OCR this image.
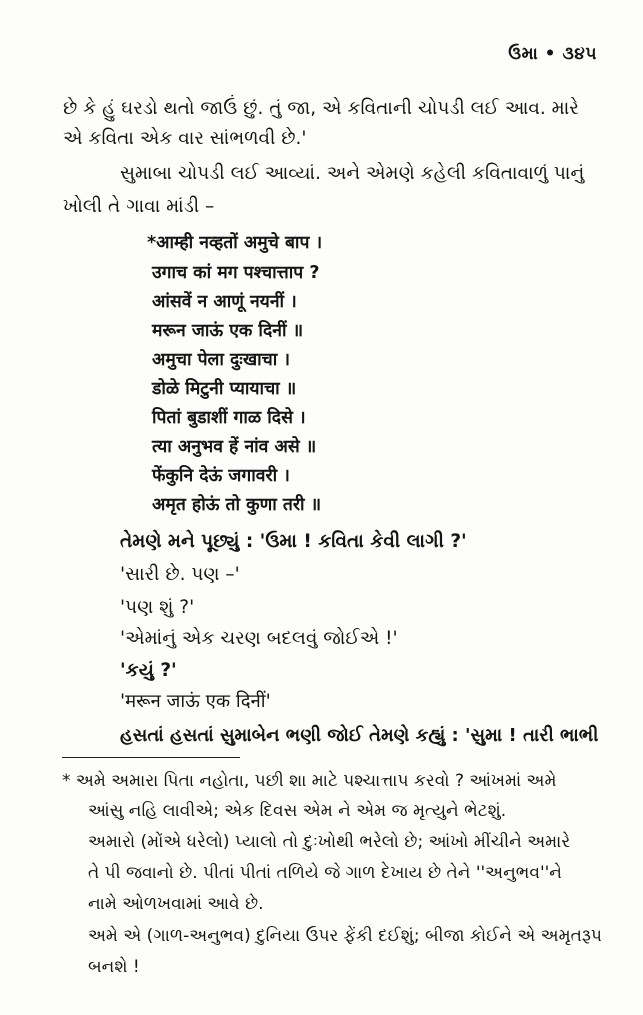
ઉમા • ૩૪૫
છે કે હું ઘરડો થતો જાઉં છું. તું જા, એ કવિતાની ચોપડી લઈ આવ. મારે
એ કવિતા એક વાર સાંભળવી છે.'
સુમાબા ચોપડી લઈ આવ્યાં. અને એમણે કહેલી કવિતાવાળું પાનું
ખોલી તે ગાવા માંડી –
*आम्ही नव्हतों अमुचे बाप ।
उगाच कां मग पश्चात्ताप ?
आंसवें न आणूं नयनीं ।
मरून जाऊं एक दिनीं ॥
अमुचा पेला दुःखाचा ।
डोळे मिटुनी प्यायाचा ॥
पितां बुडाशीं गाळ दिसे ।
त्या अनुभव हें नांव असे ॥
फेंकुनि देऊं जगावरी ।
अमृत होऊं तो कुणा तरी ॥
તેમણે મને પૂછ્યું : 'ઉમા ! કવિતા કેવી લાગી ?'
'સારી છે. પણ –'
'પણ શું ?'
'એમાંનું એક ચરણ બદલવું જોઈએ !'
'કયું ?'
'मरून जाऊं एक दिनीं'
હસતાં હસતાં સુમાબેન ભણી જોઈ તેમણે કહ્યું : 'સુમા ! તારી ભાભી
* અમે અમારા પિતા નહોતા, પછી શા માટે પશ્ચાત્તાપ કરવો ? આંખમાં અમે
આંસુ નહિ લાવીએ; એક દિવસ એમ ને એમ જ મૃત્યુને ભેટશું.
અમારો (મોંએ ધરેલો) પ્યાલો તો દુઃખોથી ભરેલો છે; આંખો મીંચીને અમારે
તે પી જવાનો છે. પીતાં પીતાં તળિયે જે ગાળ દેખાય છે તેને ''અનુભવ''ને
નામે ઓળખવામાં આવે છે.
અમે એ (ગાળ-અનુભવ) દુનિયા ઉપર ફેંકી દઈશું; બીજા કોઈને એ અમૃતરૂપ
બનશે !
